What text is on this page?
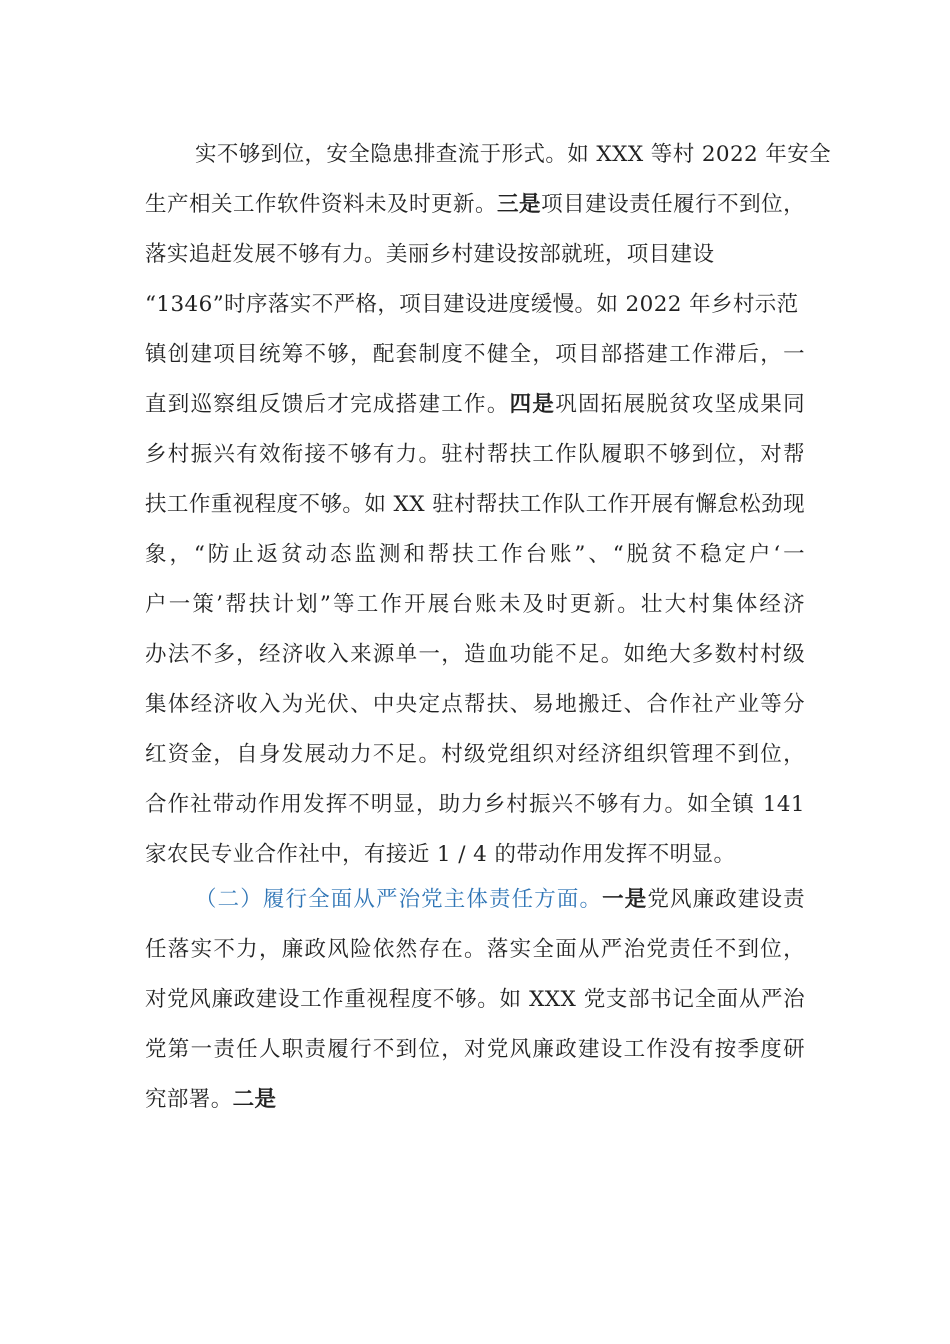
实不够到位，安全隐患排查流于形式。如 XXX 等村 2022 年安全
生产相关工作软件资料未及时更新。三是项目建设责任履行不到位，
落实追赶发展不够有力。美丽乡村建设按部就班，项目建设
“1346”时序落实不严格，项目建设进度缓慢。如 2022 年乡村示范
镇创建项目统筹不够，配套制度不健全，项目部搭建工作滞后，一
直到巡察组反馈后才完成搭建工作。四是巩固拓展脱贫攻坚成果同
乡村振兴有效衔接不够有力。驻村帮扶工作队履职不够到位，对帮
扶工作重视程度不够。如 XX 驻村帮扶工作队工作开展有懈怠松劲现
象，“防止返贫动态监测和帮扶工作台账”、“脱贫不稳定户‘一
户一策’帮扶计划”等工作开展台账未及时更新。壮大村集体经济
办法不多，经济收入来源单一，造血功能不足。如绝大多数村村级
集体经济收入为光伏、中央定点帮扶、易地搬迁、合作社产业等分
红资金，自身发展动力不足。村级党组织对经济组织管理不到位，
合作社带动作用发挥不明显，助力乡村振兴不够有力。如全镇 141
家农民专业合作社中，有接近 1 / 4 的带动作用发挥不明显。
（二）履行全面从严治党主体责任方面。一是党风廉政建设责
任落实不力，廉政风险依然存在。落实全面从严治党责任不到位，
对党风廉政建设工作重视程度不够。如 XXX 党支部书记全面从严治
党第一责任人职责履行不到位，对党风廉政建设工作没有按季度研
究部署。二是
